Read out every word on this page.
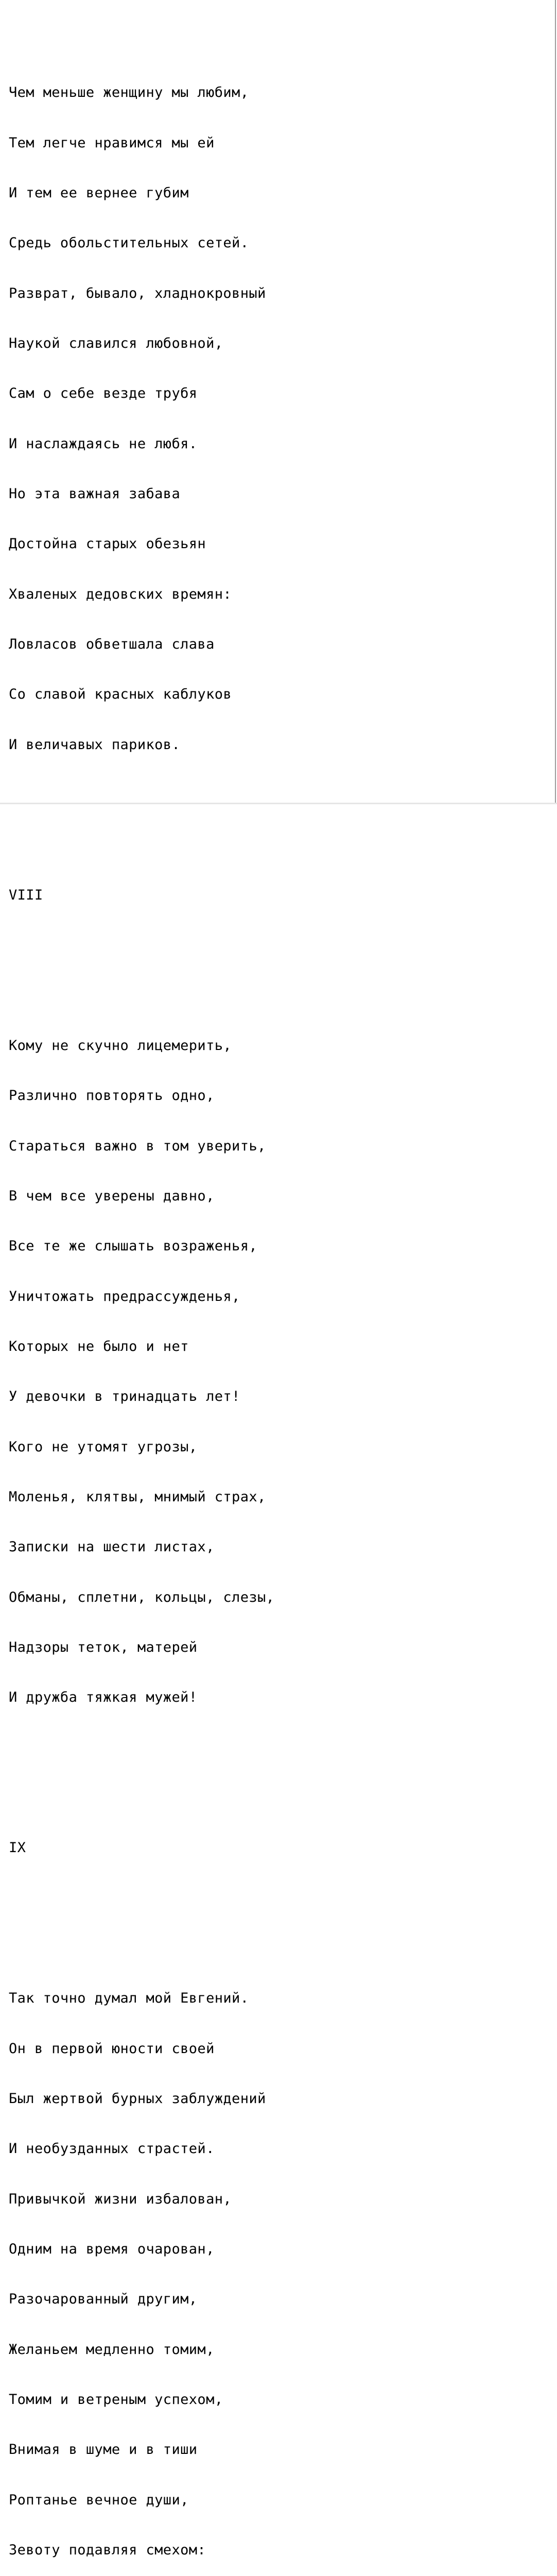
Чем меньше женщину мы любим,

Тем легче нравимся мы ей

И тем ее вернее губим

Средь обольстительных сетей.

Разврат, бывало, хладнокровный

Наукой славился любовной,

Сам о себе везде трубя

И наслаждаясь не любя.

Но эта важная забава

Достойна старых обезьян

Хваленых дедовских времян:

Ловласов обветшала слава

Со славой красных каблуков

И величавых париков.

VIII

Кому не скучно лицемерить,

Различно повторять одно,

Стараться важно в том уверить,

В чем все уверены давно,

Все те же слышать возраженья,

Уничтожать предрассужденья,

Которых не было и нет

У девочки в тринадцать лет!

Кого не утомят угрозы,

Моленья, клятвы, мнимый страх,

Записки на шести листах,

Обманы, сплетни, кольцы, слезы,

Надзоры теток, матерей

И дружба тяжкая мужей!

IX

Так точно думал мой Евгений.

Он в первой юности своей

Был жертвой бурных заблуждений

И необузданных страстей.

Привычкой жизни избалован,

Одним на время очарован,

Разочарованный другим,

Желаньем медленно томим,

Томим и ветреным успехом,

Внимая в шуме и в тиши

Роптанье вечное души,

Зевоту подавляя смехом:
